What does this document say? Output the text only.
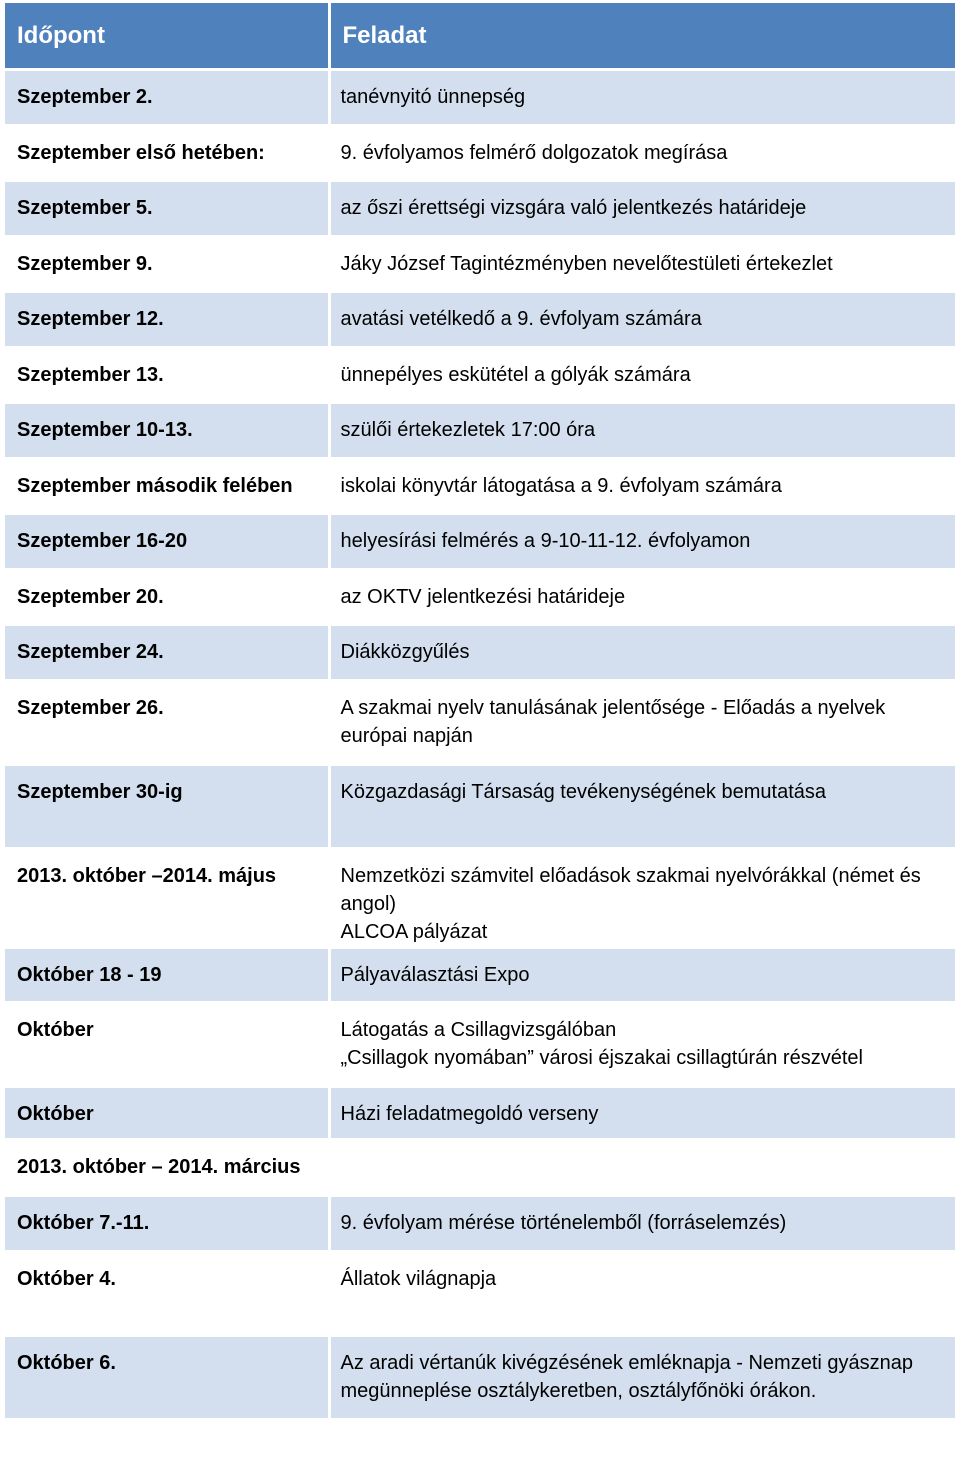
Időpont	Feladat
Szeptember 2.	tanévnyitó ünnepség

Szeptember első hetében:	9. évfolyamos felmérő dolgozatok megírása

Szeptember 5.	az őszi érettségi vizsgára való jelentkezés határideje

Szeptember 9.	Jáky József Tagintézményben nevelőtestületi értekezlet

Szeptember 12.	avatási vetélkedő a 9. évfolyam számára

Szeptember 13.	ünnepélyes eskütétel a gólyák számára

Szeptember 10-13.	szülői értekezletek 17:00 óra

Szeptember második felében	iskolai könyvtár látogatása a 9. évfolyam számára

Szeptember 16-20	helyesírási felmérés a 9-10-11-12. évfolyamon

Szeptember 20.	az OKTV jelentkezési határideje

Szeptember 24.	Diákközgyűlés

Szeptember 26.	A szakmai nyelv tanulásának jelentősége - Előadás a nyelvek európai napján

Szeptember 30-ig	Közgazdasági Társaság tevékenységének bemutatása

2013. október –2014. május	Nemzetközi számvitel előadások szakmai nyelvórákkal (német és angol)
ALCOA pályázat

Október 18 - 19	Pályaválasztási Expo

Október	Látogatás a Csillagvizsgálóban
„Csillagok nyomában” városi éjszakai csillagtúrán részvétel

Október	Házi feladatmegoldó verseny

2013. október – 2014. március	
Október 7.-11.	9. évfolyam mérése történelemből (forráselemzés)

Október 4.	Állatok világnapja

Október 6.	Az aradi vértanúk kivégzésének emléknapja - Nemzeti gyásznap megünneplése osztálykeretben, osztályfőnöki órákon.
